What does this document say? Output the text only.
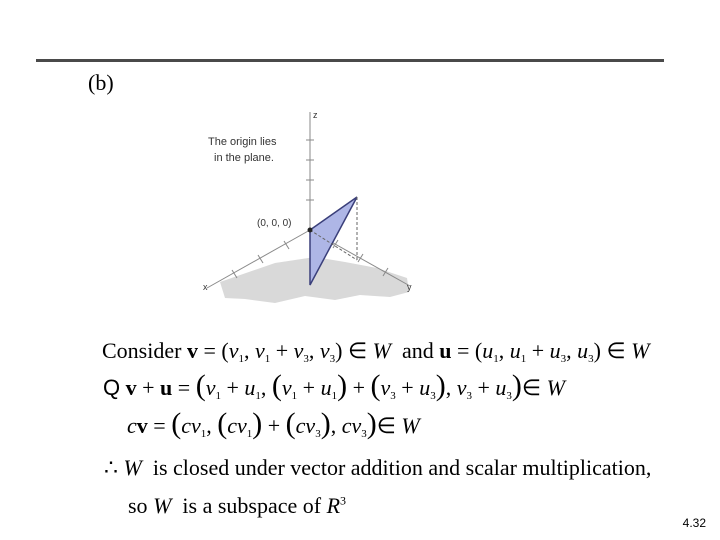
(b)
z
x	y
The origin lies
in the plane.
(0, 0, 0)
Consider $v = (v_1$, $v_1 + v_3$, $v_3$) ∈ W and $u = (u_1$, $u_1 + u_3$, $u_3$) ∈ W
Q $v + u = (v_1 + u_1$, $(v_1 + u_1) + (v_3 + u_3)$, $v_3$ + $u_3)\in$ W
cv = ($cv_1$, $(cv_1) + (cv_3)$, $cv_3)\in$ W
∴ W is closed under vector addition and scalar multiplication,
so W is a subspace of $R^3$
4.32
